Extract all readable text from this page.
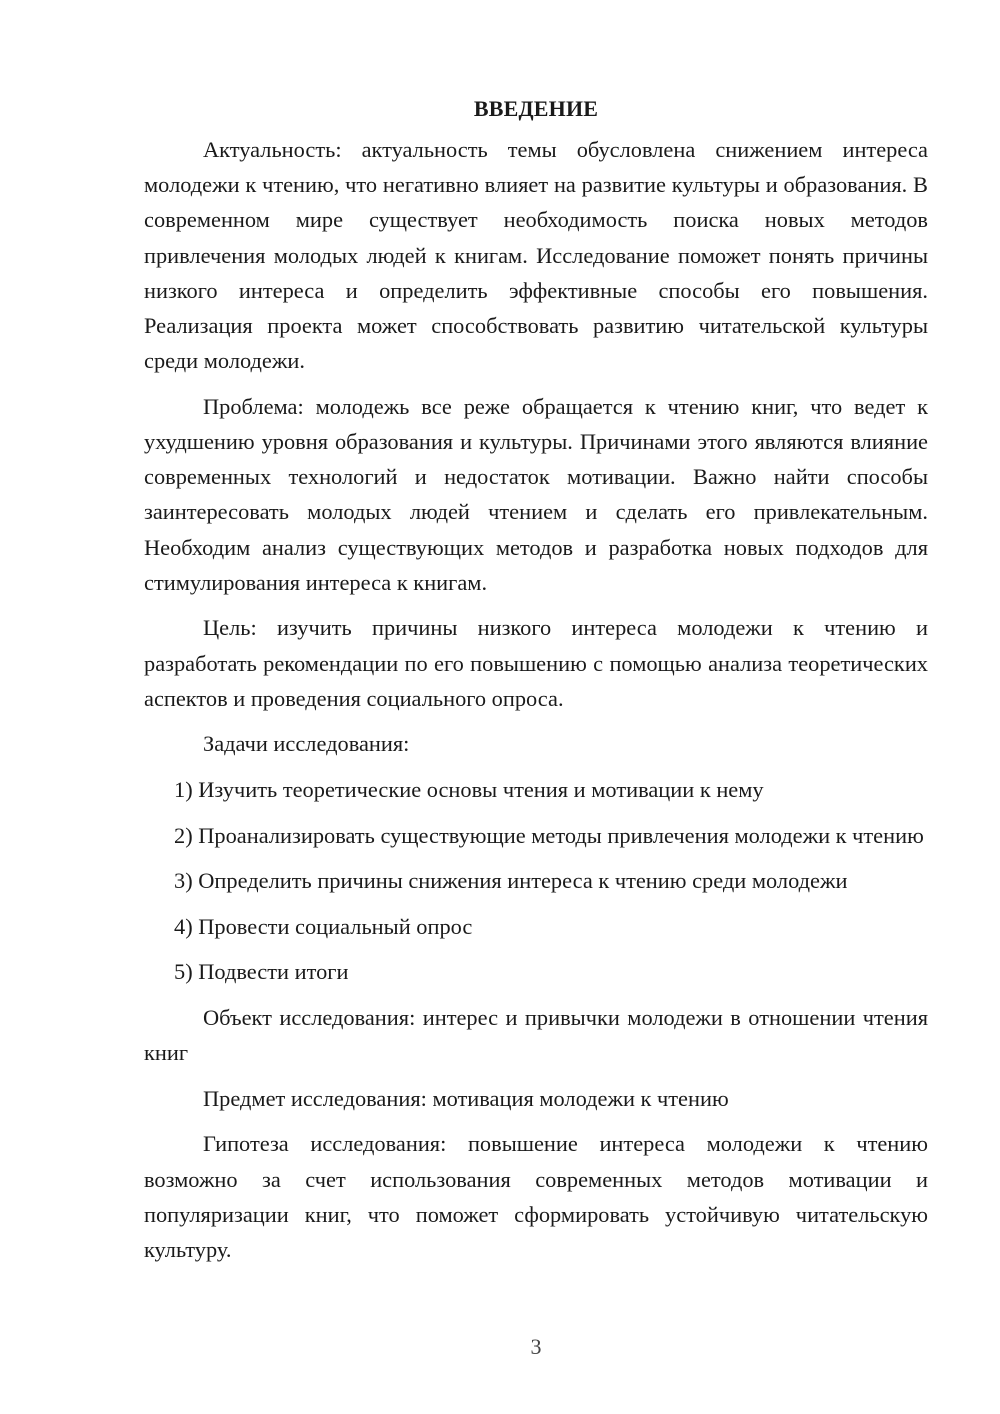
ВВЕДЕНИЕ

Актуальность: актуальность темы обусловлена снижением интереса молодежи к чтению, что негативно влияет на развитие культуры и образования. В современном мире существует необходимость поиска новых методов привлечения молодых людей к книгам. Исследование поможет понять причины низкого интереса и определить эффективные способы его повышения. Реализация проекта может способствовать развитию читательской культуры среди молодежи.

Проблема: молодежь все реже обращается к чтению книг, что ведет к ухудшению уровня образования и культуры. Причинами этого являются влияние современных технологий и недостаток мотивации. Важно найти способы заинтересовать молодых людей чтением и сделать его привлекательным. Необходим анализ существующих методов и разработка новых подходов для стимулирования интереса к книгам.

Цель: изучить причины низкого интереса молодежи к чтению и разработать рекомендации по его повышению с помощью анализа теоретических аспектов и проведения социального опроса.

Задачи исследования:

1) Изучить теоретические основы чтения и мотивации к нему

2) Проанализировать существующие методы привлечения молодежи к чтению

3) Определить причины снижения интереса к чтению среди молодежи

4) Провести социальный опрос

5) Подвести итоги

Объект исследования: интерес и привычки молодежи в отношении чтения книг

Предмет исследования: мотивация молодежи к чтению

Гипотеза исследования: повышение интереса молодежи к чтению возможно за счет использования современных методов мотивации и популяризации книг, что поможет сформировать устойчивую читательскую культуру.

3
